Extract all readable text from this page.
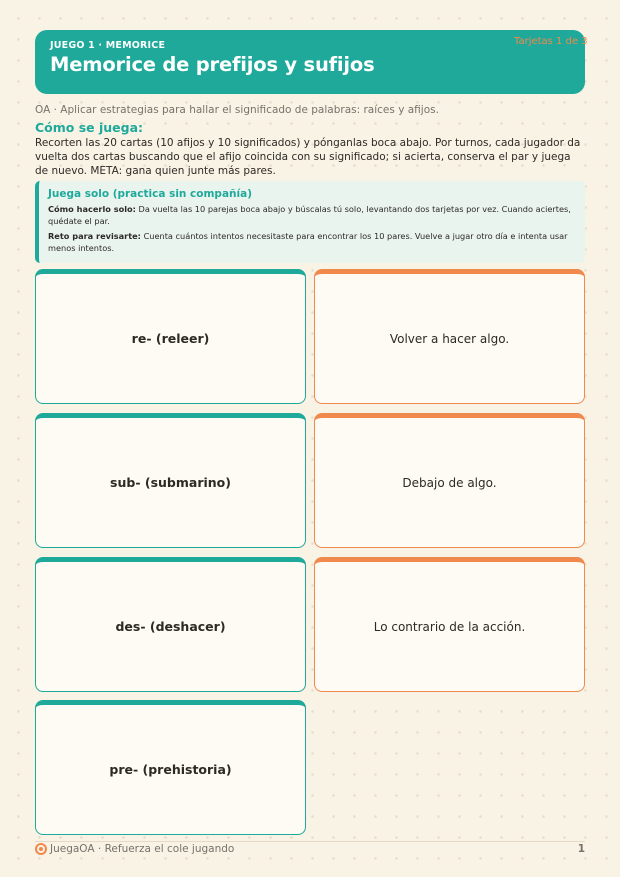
JUEGO 1 · MEMORICE
Memorice de prefijos y sufijos
Tarjetas 1 de 3
OA · Aplicar estrategias para hallar el significado de palabras: raíces y afijos.
Cómo se juega:
Recorten las 20 cartas (10 afijos y 10 significados) y pónganlas boca abajo. Por turnos, cada jugador da vuelta dos cartas buscando que el afijo coincida con su significado; si acierta, conserva el par y juega de nuevo. META: gana quien junte más pares.
Juega solo (practica sin compañía)
Cómo hacerlo solo: Da vuelta las 10 parejas boca abajo y búscalas tú solo, levantando dos tarjetas por vez. Cuando aciertes, quédate el par.
Reto para revisarte: Cuenta cuántos intentos necesitaste para encontrar los 10 pares. Vuelve a jugar otro día e intenta usar menos intentos.
re- (releer)	Volver a hacer algo.
sub- (submarino)	Debajo de algo.
des- (deshacer)	Lo contrario de la acción.
pre- (prehistoria)
JuegaOA · Refuerza el cole jugando	1
